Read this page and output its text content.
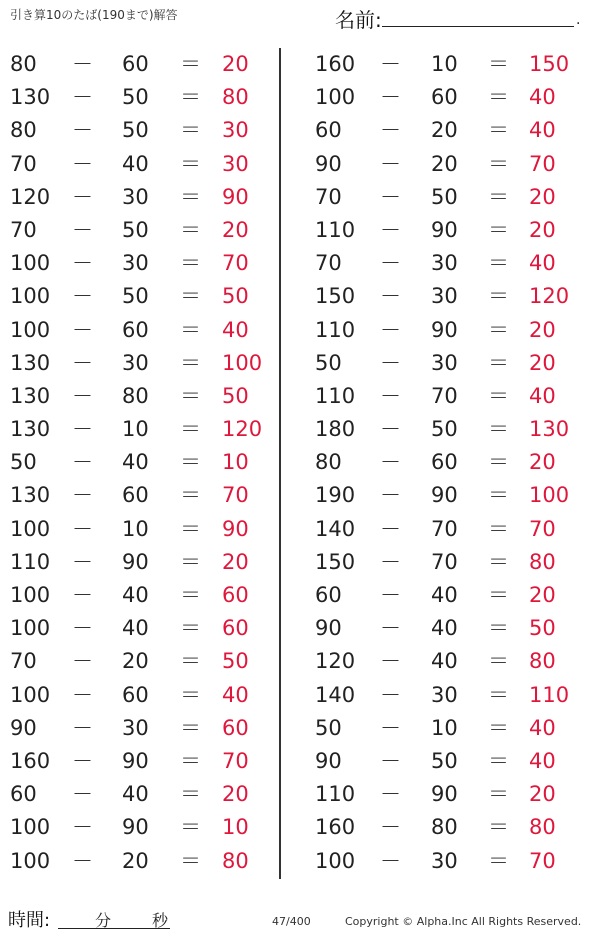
引き算10のたば(190まで)解答	名前:	.
80 － 60 ＝ 20
130 － 50 ＝ 80
80 － 50 ＝ 30
70 － 40 ＝ 30
120 － 30 ＝ 90
70 － 50 ＝ 20
100 － 30 ＝ 70
100 － 50 ＝ 50
100 － 60 ＝ 40
130 － 30 ＝ 100
130 － 80 ＝ 50
130 － 10 ＝ 120
50 － 40 ＝ 10
130 － 60 ＝ 70
100 － 10 ＝ 90
110 － 90 ＝ 20
100 － 40 ＝ 60
100 － 40 ＝ 60
70 － 20 ＝ 50
100 － 60 ＝ 40
90 － 30 ＝ 60
160 － 90 ＝ 70
60 － 40 ＝ 20
100 － 90 ＝ 10
100 － 20 ＝ 80
160 － 10 ＝ 150
100 － 60 ＝ 40
60 － 20 ＝ 40
90 － 20 ＝ 70
70 － 50 ＝ 20
110 － 90 ＝ 20
70 － 30 ＝ 40
150 － 30 ＝ 120
110 － 90 ＝ 20
50 － 30 ＝ 20
110 － 70 ＝ 40
180 － 50 ＝ 130
80 － 60 ＝ 20
190 － 90 ＝ 100
140 － 70 ＝ 70
150 － 70 ＝ 80
60 － 40 ＝ 20
90 － 40 ＝ 50
120 － 40 ＝ 80
140 － 30 ＝ 110
50 － 10 ＝ 40
90 － 50 ＝ 40
110 － 90 ＝ 20
160 － 80 ＝ 80
100 － 30 ＝ 70
時間:	分	秒	47/400	Copyright © Alpha.Inc All Rights Reserved.
